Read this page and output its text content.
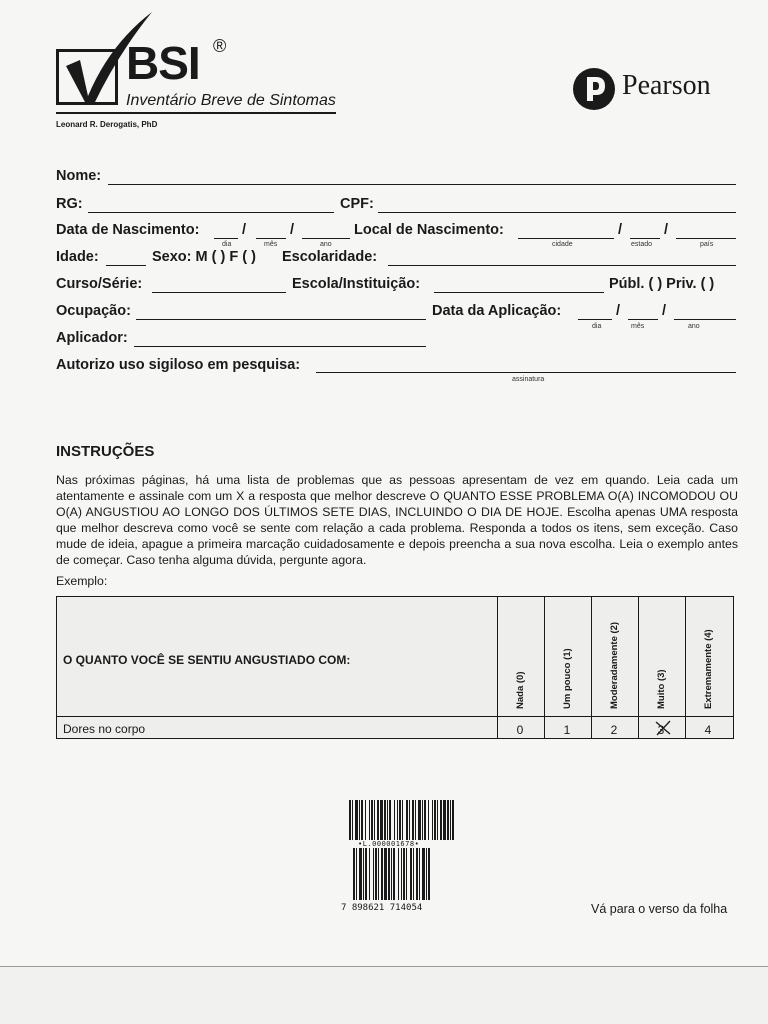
BSI ®
Inventário Breve de Sintomas
Leonard R. Derogatis, PhD
Pearson
Nome:
RG:	CPF:
Data de Nascimento:	/	/
dia	mês	ano
Local de Nascimento:	/	/
cidade	estado	país
Idade:	Sexo: M ( ) F ( ) Escolaridade:
Curso/Série:	Escola/Instituição:	Públ. ( ) Priv. ( )
Ocupação:	Data da Aplicação:	/	/
dia	mês	ano
Aplicador:
Autorizo uso sigiloso em pesquisa:
assinatura
INSTRUÇÕES
Nas próximas páginas, há uma lista de problemas que as pessoas apresentam de vez em quando. Leia cada um atentamente e assinale com um X a resposta que melhor descreve O QUANTO ESSE PROBLEMA O(A) INCOMODOU OU O(A) ANGUSTIOU AO LONGO DOS ÚLTIMOS SETE DIAS, INCLUINDO O DIA DE HOJE. Escolha apenas UMA resposta que melhor descreva como você se sente com relação a cada problema. Responda a todos os itens, sem exceção. Caso mude de ideia, apague a primeira marcação cuidadosamente e depois preencha a sua nova escolha. Leia o exemplo antes de começar. Caso tenha alguma dúvida, pergunte agora.
Exemplo:
O QUANTO VOCÊ SE SENTIU ANGUSTIADO COM:
Nada (0)	Um pouco (1)	Moderadamente (2)	Muito (3)	Extremamente (4)
Dores no corpo	0	1	2	3	4
•L.000001678•
7 898621 714054	Vá para o verso da folha
